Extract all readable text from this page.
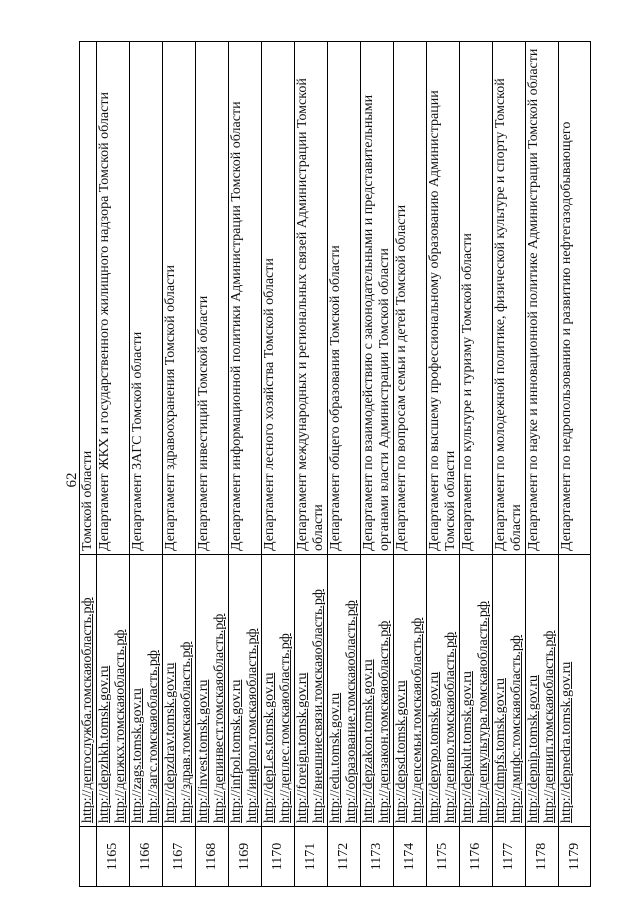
62

	http://депгослужба.томскаяобласть.рф	Томской области
1165	http://depzhkh.tomsk.gov.ru http://депжкх.томскаяобласть.рф	Департамент ЖКХ и государственного жилищного надзора Томской области
1166	http://zags.tomsk.gov.ru http://загс.томскаяобласть.рф	Департамент ЗАГС Томской области
1167	http://depzdrav.tomsk.gov.ru http://здрав.томскаяобласть.рф	Департамент здравоохранения Томской области
1168	http://invest.tomsk.gov.ru http://депинвест.томскаяобласть.рф	Департамент инвестиций Томской области
1169	http://infpol.tomsk.gov.ru http://инфпол.томскаяобласть.рф	Департамент информационной политики Администрации Томской области
1170	http://depLes.tomsk.gov.ru http://деплес.томскаяобласть.рф	Департамент лесного хозяйства Томской области
1171	http://foreign.tomsk.gov.ru http://внешниесвязи.томскаяобласть.рф	Департамент международных и региональных связей Администрации Томской области
1172	http://edu.tomsk.gov.ru http://образование.томскаяобласть.рф	Департамент общего образования Томской области
1173	http://depzakon.tomsk.gov.ru http://депзакон.томскаяобласть.рф	Департамент по взаимодействию с законодательными и представительными органами власти Администрации Томской области
1174	http://depsd.tomsk.gov.ru http://депсемьи.томскаяобласть.рф	Департамент по вопросам семьи и детей Томской области
1175	http://depvpo.tomsk.gov.ru http://депвпо.томскаяобласть.рф	Департамент по высшему профессиональному образованию Администрации Томской области
1176	http://depkult.tomsk.gov.ru http://депкультура.томскаяобласть.рф	Департамент по культуре и туризму Томской области
1177	http://dmpfs.tomsk.gov.ru http://дмпфс.томскаяобласть.рф	Департамент по молодежной политике, физической культуре и спорту Томской области
1178	http://depnip.tomsk.gov.ru http://депнип.томскаяобласть.рф	Департамент по науке и инновационной политике Администрации Томской области
1179	http://depnedra.tomsk.gov.ru	Департамент по недропользованию и развитию нефтегазодобывающего
